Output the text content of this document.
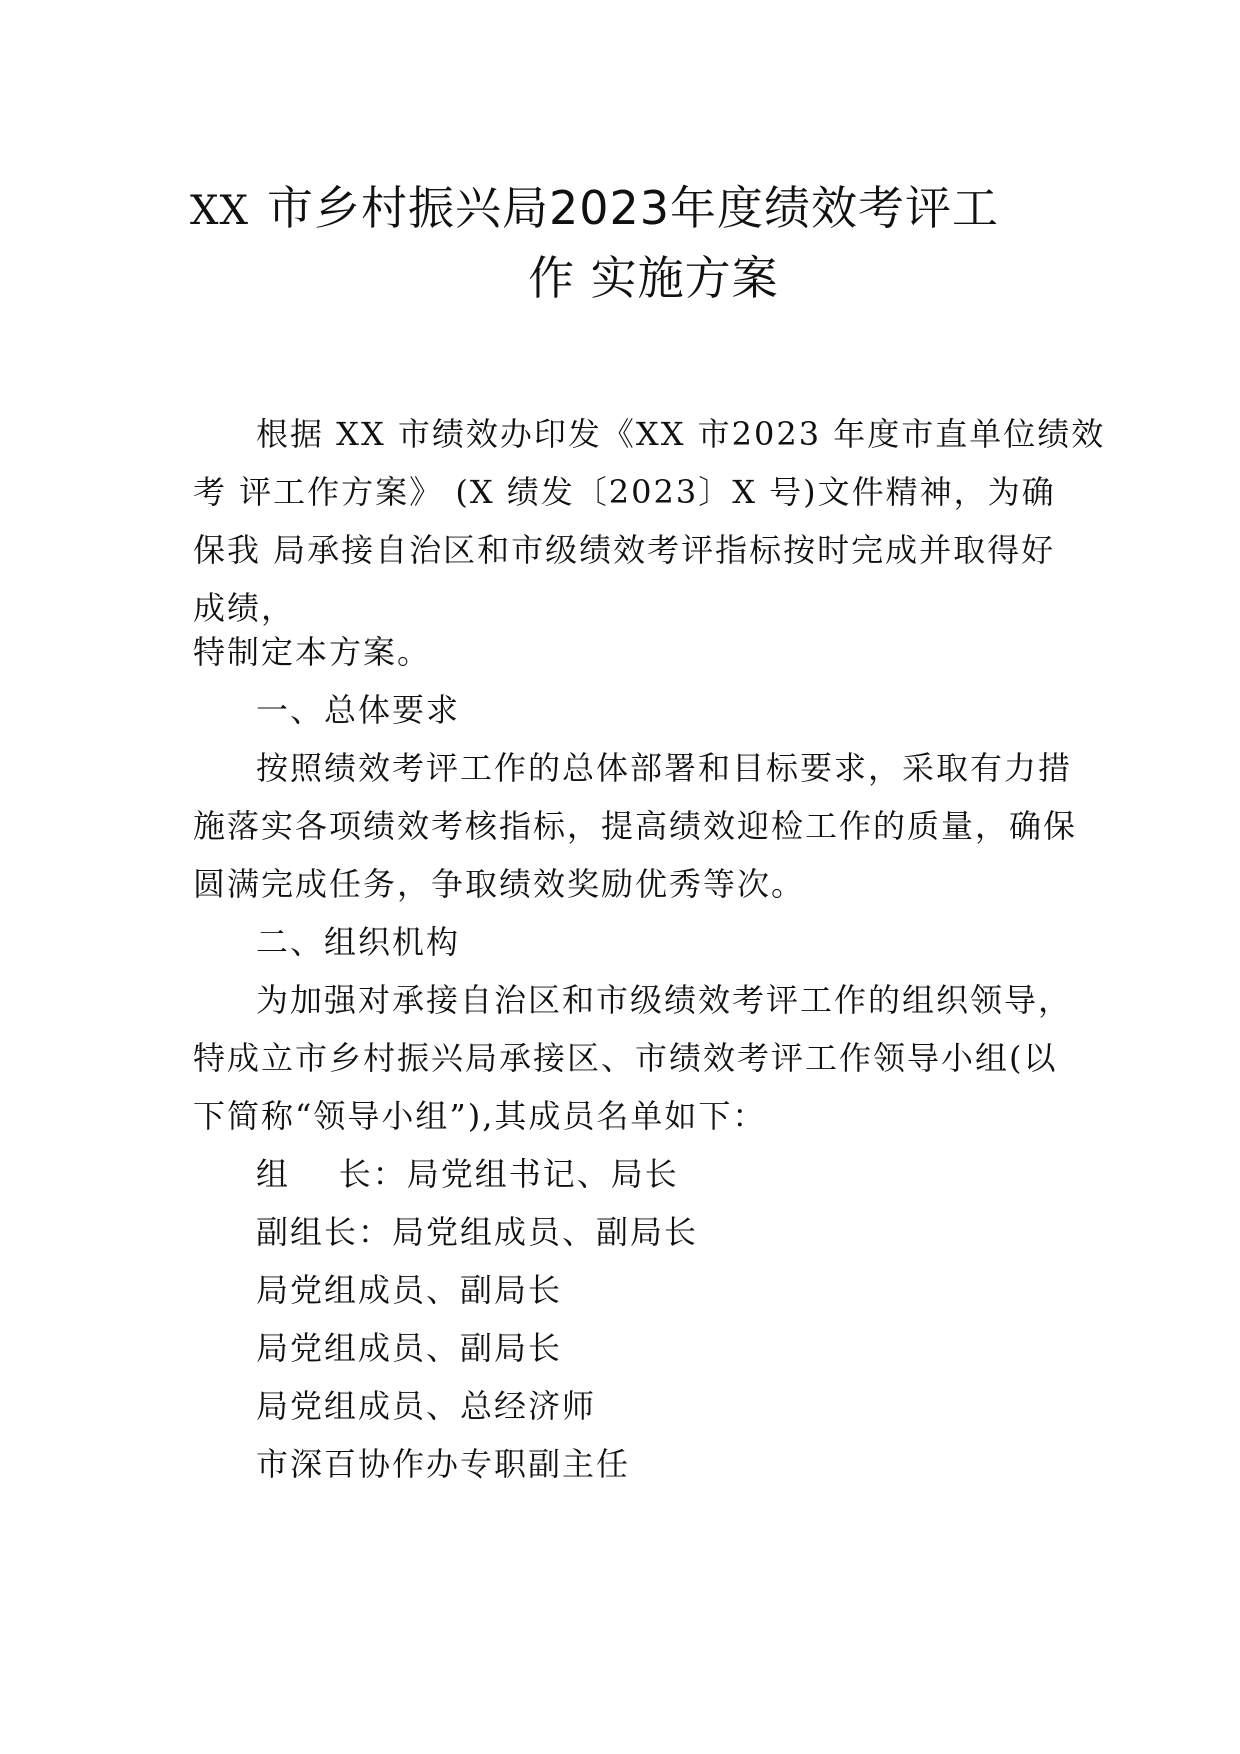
XX 市乡村振兴局2023年度绩效考评工
作 实施方案
根据 XX 市绩效办印发《XX 市2023 年度市直单位绩效
考 评工作方案》 (X 绩发〔2023〕X 号)文件精神，为确
保我 局承接自治区和市级绩效考评指标按时完成并取得好
成绩，
特制定本方案。
一、总体要求
按照绩效考评工作的总体部署和目标要求，采取有力措
施落实各项绩效考核指标，提高绩效迎检工作的质量，确保
圆满完成任务，争取绩效奖励优秀等次。
二、组织机构
为加强对承接自治区和市级绩效考评工作的组织领导，
特成立市乡村振兴局承接区、市绩效考评工作领导小组(以
下简称“领导小组”),其成员名单如下：
组    长：局党组书记、局长
副组长：局党组成员、副局长
局党组成员、副局长
局党组成员、副局长
局党组成员、总经济师
市深百协作办专职副主任
